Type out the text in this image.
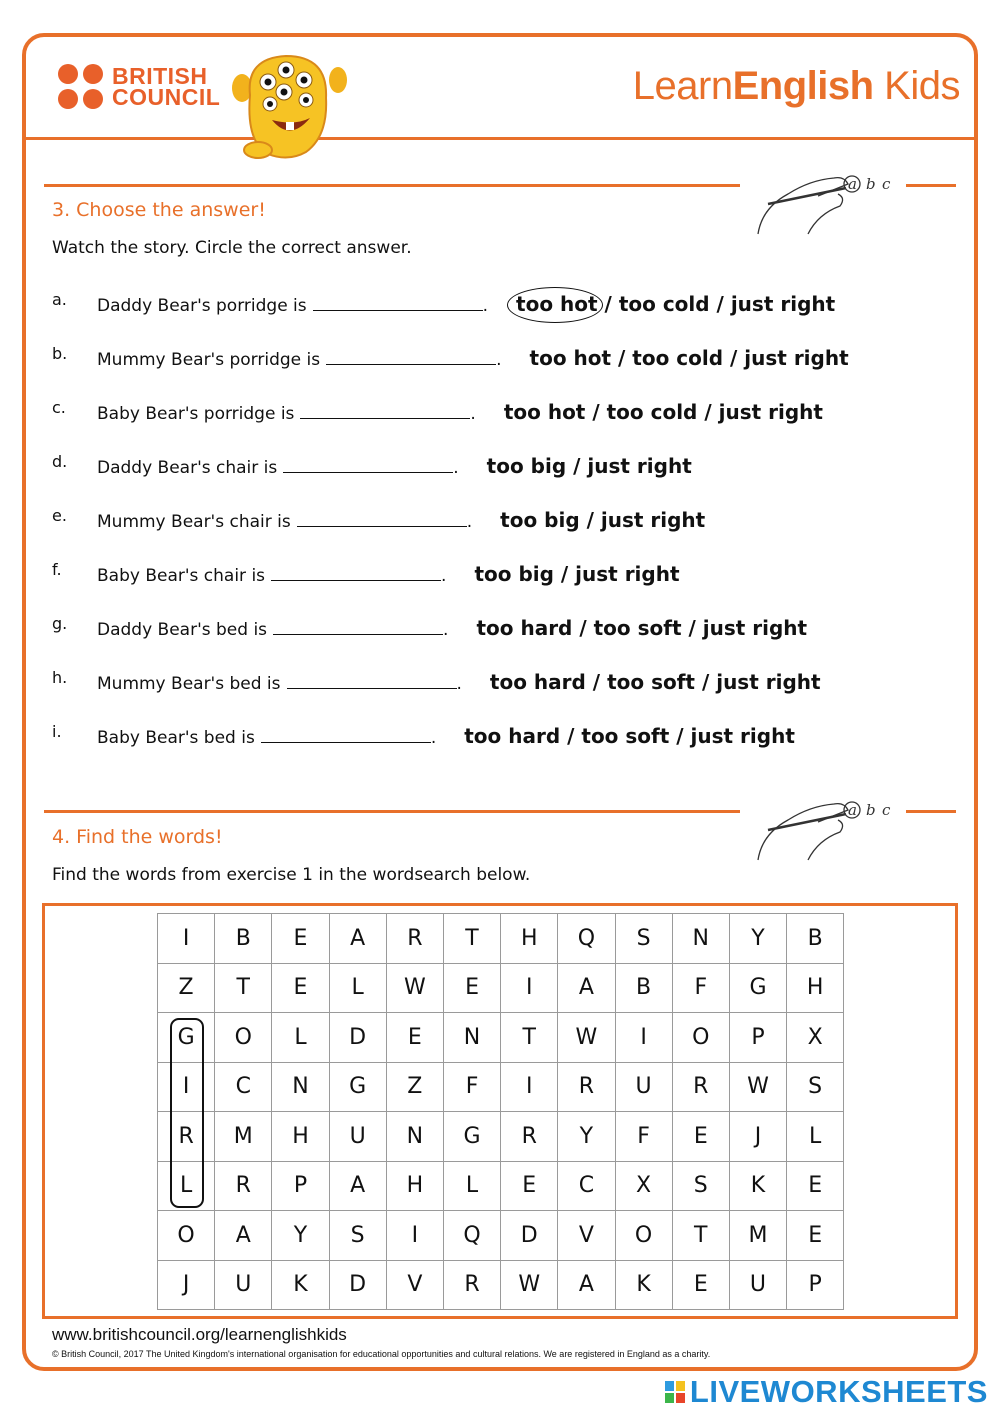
BRITISH
COUNCIL	LearnEnglish Kids
a b c
3. Choose the answer!
Watch the story. Circle the correct answer.
a. Daddy Bear's porridge is	. too hot / too cold / just right
b. Mummy Bear's porridge is	. too hot / too cold / just right
c. Baby Bear's porridge is	. too hot / too cold / just right
d. Daddy Bear's chair is	. too big / just right
e. Mummy Bear's chair is	. too big / just right
f. Baby Bear's chair is	. too big / just right
g. Daddy Bear's bed is	. too hard / too soft / just right
h. Mummy Bear's bed is	. too hard / too soft / just right
i. Baby Bear's bed is	. too hard / too soft / just right
a b c
4. Find the words!
Find the words from exercise 1 in the wordsearch below.
I	B	E	A	R	T	H	Q	S	N	Y	B
Z	T	E	L	W	E	I	A	B	F	G	H
G	O	L	D	E	N	T	W	I	O	P	X
I	C	N	G	Z	F	I	R	U	R	W	S
R	M	H	U	N	G	R	Y	F	E	J	L
L	R	P	A	H	L	E	C	X	S	K	E
O	A	Y	S	I	Q	D	V	O	T	M	E
J	U	K	D	V	R	W	A	K	E	U	P
www.britishcouncil.org/learnenglishkids
© British Council, 2017 The United Kingdom's international organisation for educational opportunities and cultural relations. We are registered in England as a charity.
LIVEWORKSHEETS
